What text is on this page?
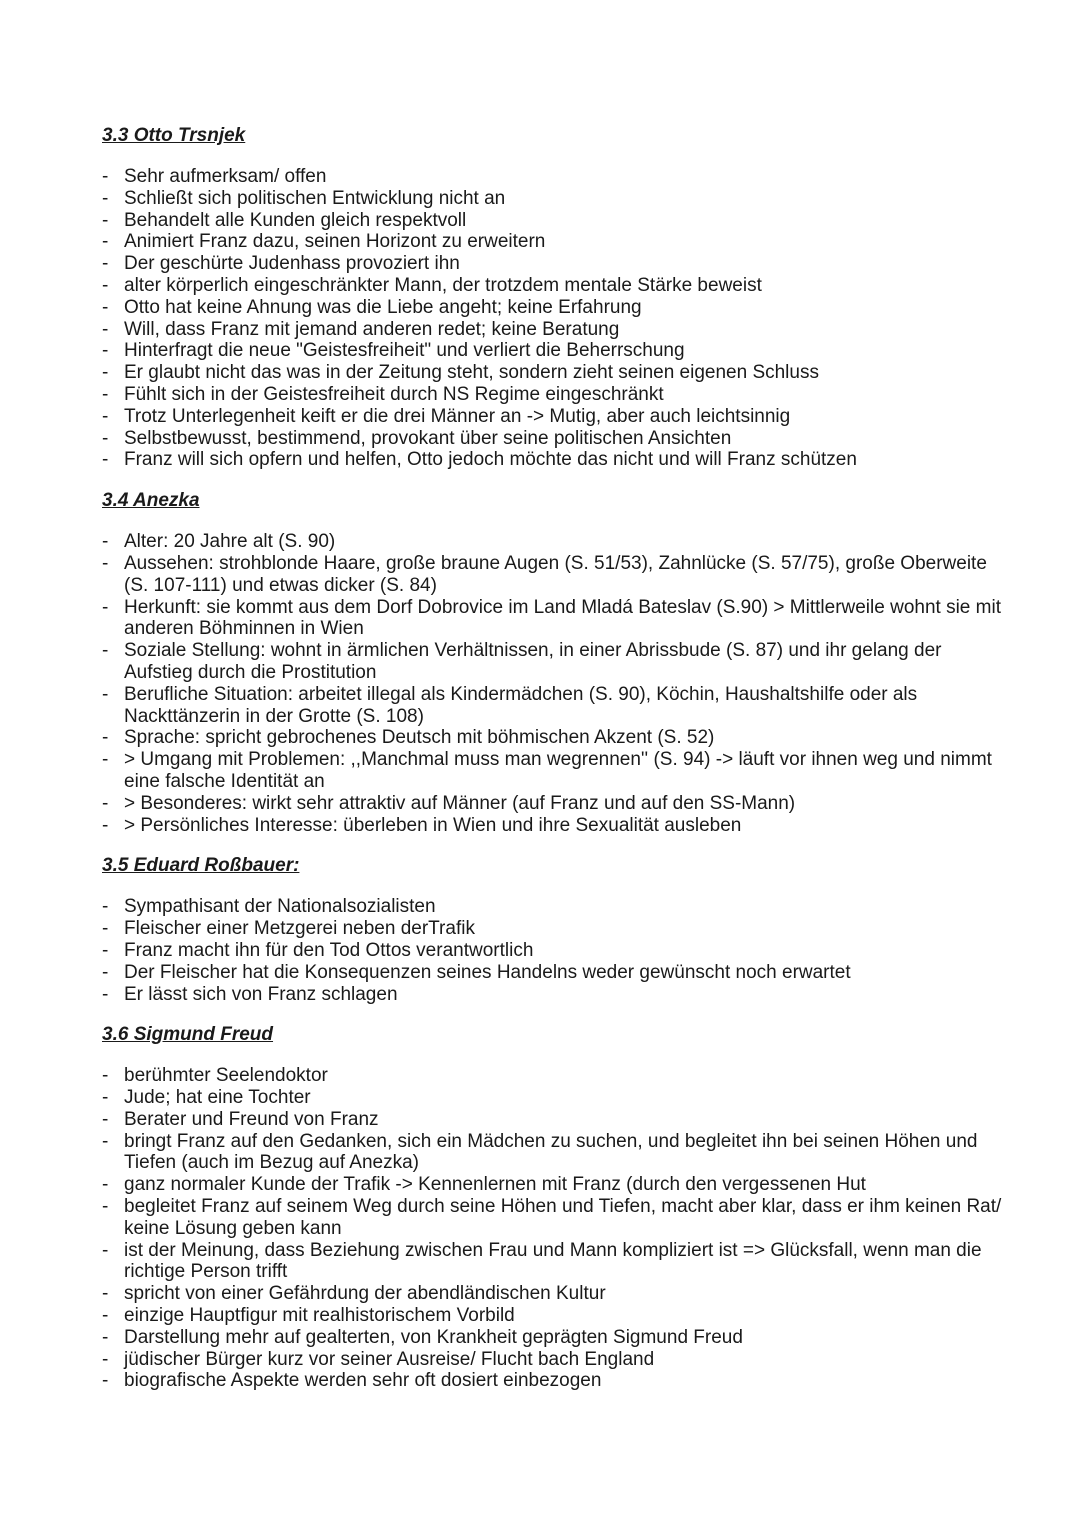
3.3 Otto Trsnjek
- Sehr aufmerksam/ offen
- Schließt sich politischen Entwicklung nicht an
- Behandelt alle Kunden gleich respektvoll
- Animiert Franz dazu, seinen Horizont zu erweitern
- Der geschürte Judenhass provoziert ihn
- alter körperlich eingeschränkter Mann, der trotzdem mentale Stärke beweist
- Otto hat keine Ahnung was die Liebe angeht; keine Erfahrung
- Will, dass Franz mit jemand anderen redet; keine Beratung
- Hinterfragt die neue "Geistesfreiheit" und verliert die Beherrschung
- Er glaubt nicht das was in der Zeitung steht, sondern zieht seinen eigenen Schluss
- Fühlt sich in der Geistesfreiheit durch NS Regime eingeschränkt
- Trotz Unterlegenheit keift er die drei Männer an -> Mutig, aber auch leichtsinnig
- Selbstbewusst, bestimmend, provokant über seine politischen Ansichten
- Franz will sich opfern und helfen, Otto jedoch möchte das nicht und will Franz schützen
3.4 Anezka
- Alter: 20 Jahre alt (S. 90)
- Aussehen: strohblonde Haare, große braune Augen (S. 51/53), Zahnlücke (S. 57/75), große Oberweite (S. 107-111) und etwas dicker (S. 84)
- Herkunft: sie kommt aus dem Dorf Dobrovice im Land Mladá Bateslav (S.90) > Mittlerweile wohnt sie mit anderen Böhminnen in Wien
- Soziale Stellung: wohnt in ärmlichen Verhältnissen, in einer Abrissbude (S. 87) und ihr gelang der Aufstieg durch die Prostitution
- Berufliche Situation: arbeitet illegal als Kindermädchen (S. 90), Köchin, Haushaltshilfe oder als Nackttänzerin in der Grotte (S. 108)
- Sprache: spricht gebrochenes Deutsch mit böhmischen Akzent (S. 52)
- > Umgang mit Problemen: ,,Manchmal muss man wegrennen'' (S. 94) -> läuft vor ihnen weg und nimmt eine falsche Identität an
- > Besonderes: wirkt sehr attraktiv auf Männer (auf Franz und auf den SS-Mann)
- > Persönliches Interesse: überleben in Wien und ihre Sexualität ausleben
3.5 Eduard Roßbauer:
- Sympathisant der Nationalsozialisten
- Fleischer einer Metzgerei neben derTrafik
- Franz macht ihn für den Tod Ottos verantwortlich
- Der Fleischer hat die Konsequenzen seines Handelns weder gewünscht noch erwartet
- Er lässt sich von Franz schlagen
3.6 Sigmund Freud
- berühmter Seelendoktor
- Jude; hat eine Tochter
- Berater und Freund von Franz
- bringt Franz auf den Gedanken, sich ein Mädchen zu suchen, und begleitet ihn bei seinen Höhen und Tiefen (auch im Bezug auf Anezka)
- ganz normaler Kunde der Trafik -> Kennenlernen mit Franz (durch den vergessenen Hut
- begleitet Franz auf seinem Weg durch seine Höhen und Tiefen, macht aber klar, dass er ihm keinen Rat/ keine Lösung geben kann
- ist der Meinung, dass Beziehung zwischen Frau und Mann kompliziert ist => Glücksfall, wenn man die richtige Person trifft
- spricht von einer Gefährdung der abendländischen Kultur
- einzige Hauptfigur mit realhistorischem Vorbild
- Darstellung mehr auf gealterten, von Krankheit geprägten Sigmund Freud
- jüdischer Bürger kurz vor seiner Ausreise/ Flucht bach England
- biografische Aspekte werden sehr oft dosiert einbezogen
